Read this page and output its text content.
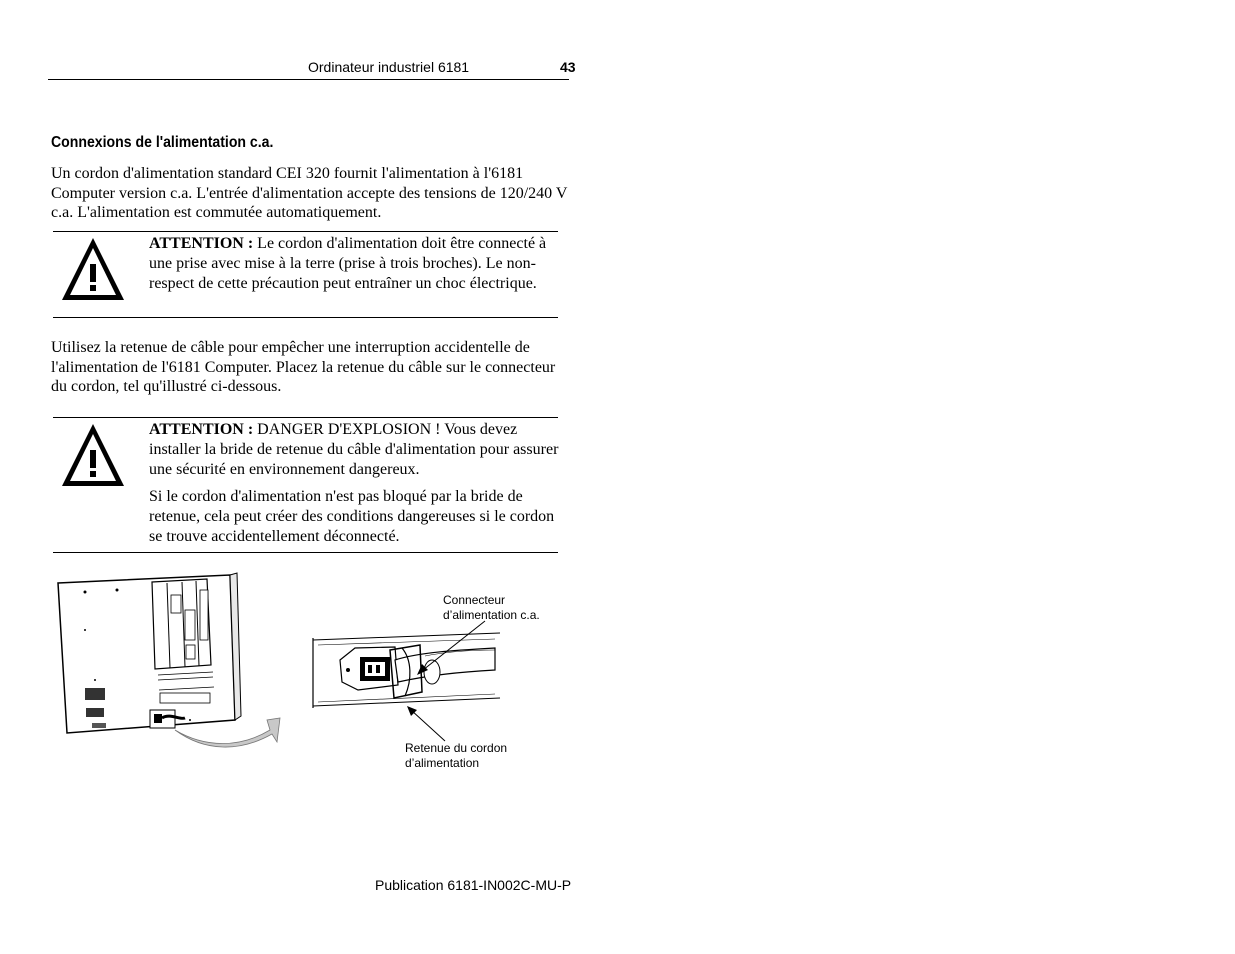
Ordinateur industriel 6181	43
Connexions de l'alimentation c.a.
Un cordon d'alimentation standard CEI 320 fournit l'alimentation à l'6181 Computer version c.a. L'entrée d'alimentation accepte des tensions de 120/240 V c.a. L'alimentation est commutée automatiquement.
ATTENTION : Le cordon d'alimentation doit être connecté à une prise avec mise à la terre (prise à trois broches). Le non-respect de cette précaution peut entraîner un choc électrique.
Utilisez la retenue de câble pour empêcher une interruption accidentelle de l'alimentation de l'6181 Computer. Placez la retenue du câble sur le connecteur du cordon, tel qu'illustré ci-dessous.
ATTENTION : DANGER D'EXPLOSION ! Vous devez installer la bride de retenue du câble d'alimentation pour assurer une sécurité en environnement dangereux.
Si le cordon d'alimentation n'est pas bloqué par la bride de retenue, cela peut créer des conditions dangereuses si le cordon se trouve accidentellement déconnecté.
Connecteur
d’alimentation c.a.
Retenue du cordon
d’alimentation
Publication 6181-IN002C-MU-P
